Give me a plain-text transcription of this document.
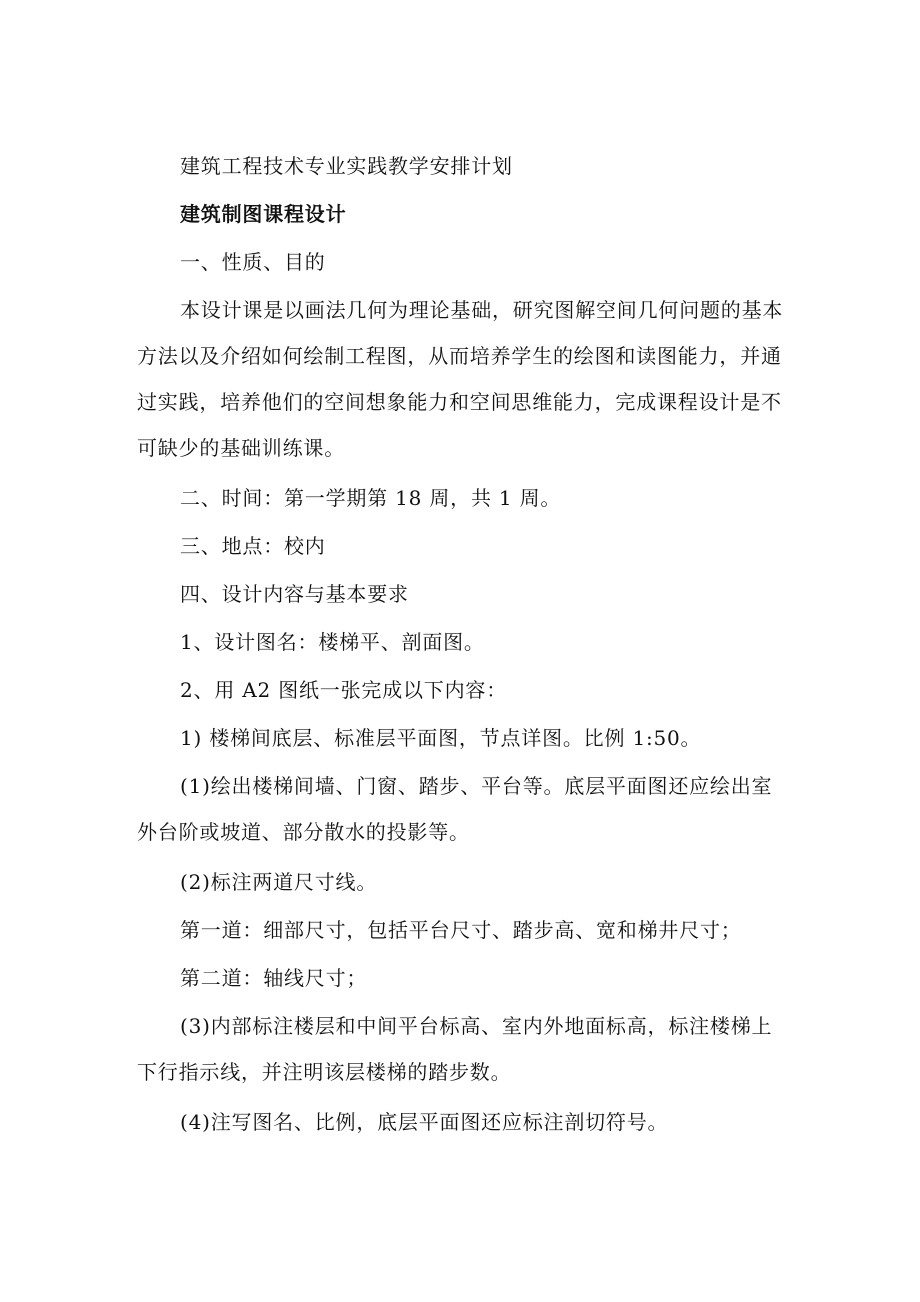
建筑工程技术专业实践教学安排计划

建筑制图课程设计

一、性质、目的

本设计课是以画法几何为理论基础，研究图解空间几何问题的基本方法以及介绍如何绘制工程图，从而培养学生的绘图和读图能力，并通过实践，培养他们的空间想象能力和空间思维能力，完成课程设计是不可缺少的基础训练课。

二、时间：第一学期第 18 周，共 1 周。

三、地点：校内

四、设计内容与基本要求

1、设计图名：楼梯平、剖面图。

2、用 A2 图纸一张完成以下内容：

1) 楼梯间底层、标准层平面图，节点详图。比例 1:50。

(1)绘出楼梯间墙、门窗、踏步、平台等。底层平面图还应绘出室外台阶或坡道、部分散水的投影等。

(2)标注两道尺寸线。

第一道：细部尺寸，包括平台尺寸、踏步高、宽和梯井尺寸；

第二道：轴线尺寸；

(3)内部标注楼层和中间平台标高、室内外地面标高，标注楼梯上下行指示线，并注明该层楼梯的踏步数。

(4)注写图名、比例，底层平面图还应标注剖切符号。
